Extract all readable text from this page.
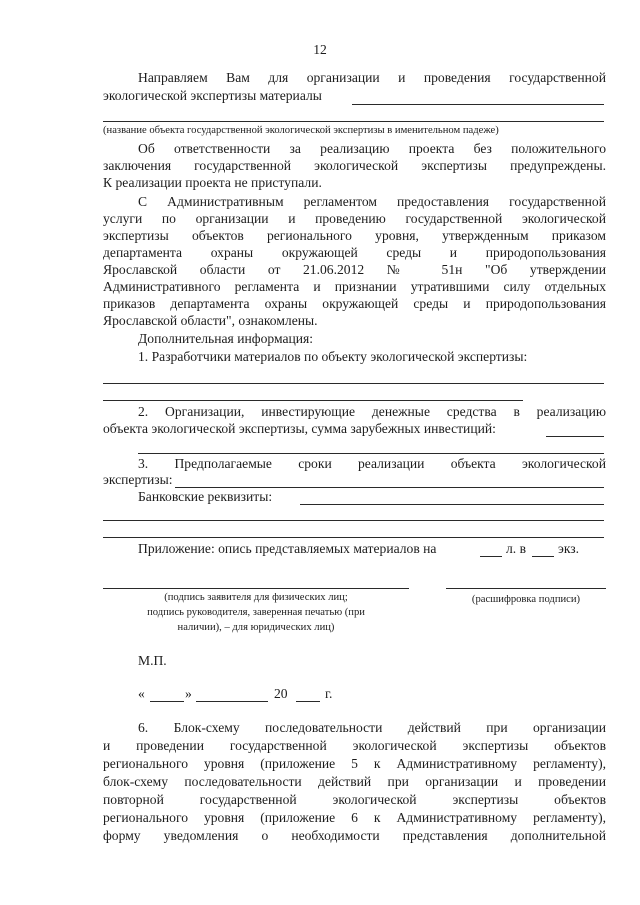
12
Направляем Вам для организации и проведения государственной
экологической экспертизы материалы
(название объекта государственной экологической экспертизы в именительном падеже)
Об ответственности за реализацию проекта без положительного
заключения государственной экологической экспертизы предупреждены.
К реализации проекта не приступали.
С Административным регламентом предоставления государственной
услуги по организации и проведению государственной экологической
экспертизы объектов регионального уровня, утвержденным приказом
департамента охраны окружающей среды и природопользования
Ярославской области от 21.06.2012 № 51н "Об утверждении
Административного регламента и признании утратившими силу отдельных
приказов департамента охраны окружающей среды и природопользования
Ярославской области", ознакомлены.
Дополнительная информация:
1. Разработчики материалов по объекту экологической экспертизы:
2. Организации, инвестирующие денежные средства в реализацию
объекта экологической экспертизы, сумма зарубежных инвестиций:
3. Предполагаемые сроки реализации объекта экологической
экспертизы:
Банковские реквизиты:
Приложение: опись представляемых материалов на	л. в экз.
(подпись заявителя для физических лиц;
подпись руководителя, заверенная печатью (при
наличии), – для юридических лиц)
(расшифровка подписи)
М.П.
«	»	20	г.
6. Блок-схему последовательности действий при организации
и проведении государственной экологической экспертизы объектов
регионального уровня (приложение 5 к Административному регламенту),
блок-схему последовательности действий при организации и проведении
повторной государственной экологической экспертизы объектов
регионального уровня (приложение 6 к Административному регламенту),
форму уведомления о необходимости представления дополнительной
